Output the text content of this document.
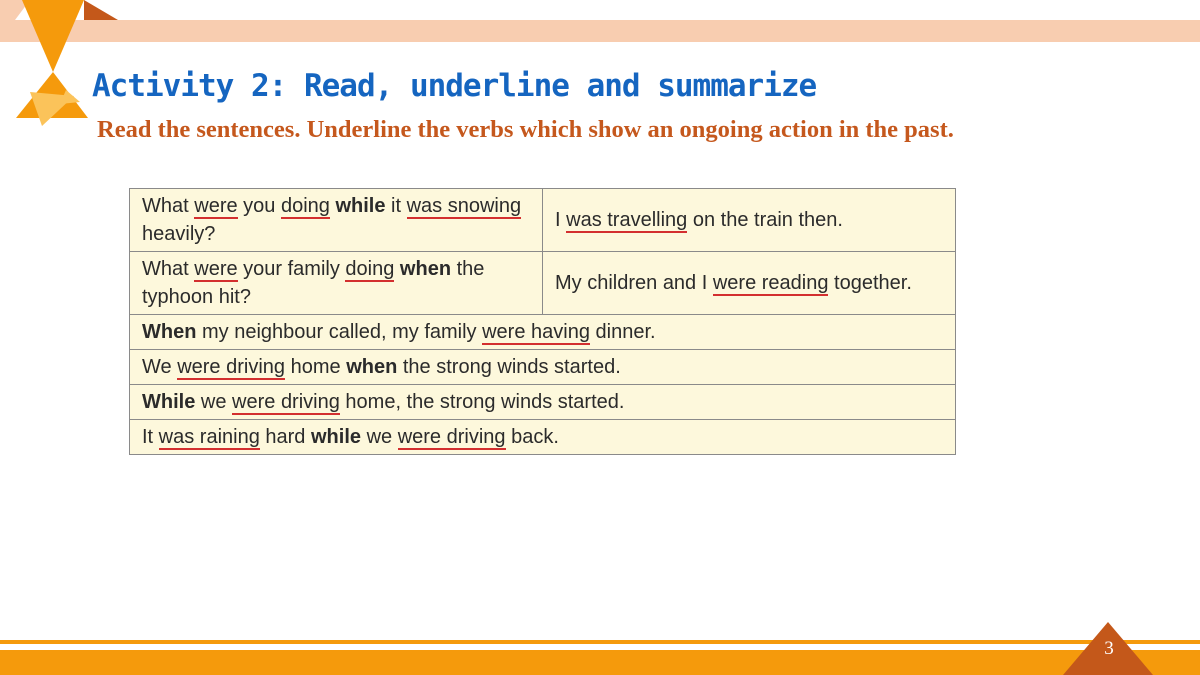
Activity 2: Read, underline and summarize

Read the sentences. Underline the verbs which show an ongoing action in the past.

What were you doing while it was snowing heavily?	I was travelling on the train then.
What were your family doing when the typhoon hit?	My children and I were reading together.
When my neighbour called, my family were having dinner.	
We were driving home when the strong winds started.	
While we were driving home, the strong winds started.	
It was raining hard while we were driving back.	
3
